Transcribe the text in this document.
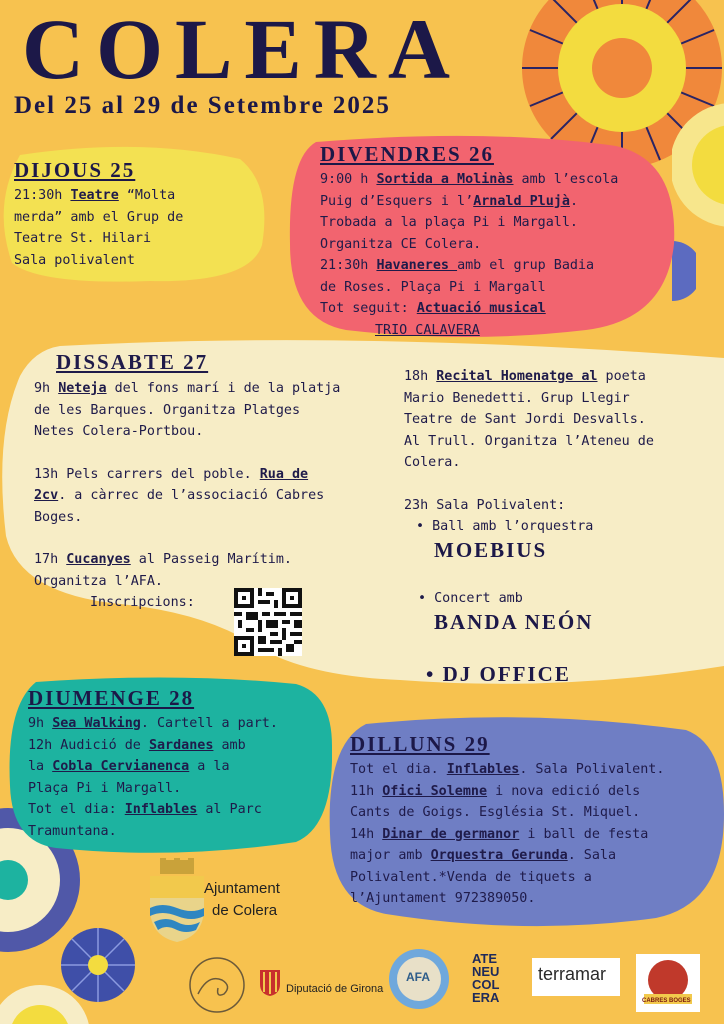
COLERA
Del 25 al 29 de Setembre 2025
DIJOUS 25
21:30h Teatre “Molta
merda” amb el Grup de
Teatre St. Hilari
Sala polivalent
DIVENDRES 26
9:00 h Sortida a Molinàs amb l’escola
Puig d’Esquers i l’Arnald Plujà.
Trobada a la plaça Pi i Margall.
Organitza CE Colera.
21:30h Havaneres amb el grup Badia
de Roses. Plaça Pi i Margall
Tot seguit: Actuació musical
TRIO CALAVERA
DISSABTE 27
9h Neteja del fons marí i de la platja
de les Barques. Organitza Platges
Netes Colera-Portbou.
13h Pels carrers del poble. Rua de
2cv. a càrrec de l’associació Cabres
Boges.
17h Cucanyes al Passeig Marítim.
Organitza l’AFA.
Inscripcions:
18h Recital Homenatge al poeta
Mario Benedetti. Grup Llegir
Teatre de Sant Jordi Desvalls.
Al Trull. Organitza l’Ateneu de
Colera.
23h Sala Polivalent:
• Ball amb l’orquestra
MOEBIUS
• Concert amb
BANDA NEÓN
• DJ OFFICE
DIUMENGE 28
9h Sea Walking. Cartell a part.
12h Audició de Sardanes amb
la Cobla Cervianenca a la
Plaça Pi i Margall.
Tot el dia: Inflables al Parc
Tramuntana.
DILLUNS 29
Tot el dia. Inflables. Sala Polivalent.
11h Ofici Solemne i nova edició dels
Cants de Goigs. Església St. Miquel.
14h Dinar de germanor i ball de festa
major amb Orquestra Gerunda. Sala
Polivalent.*Venda de tiquets a
l’Ajuntament 972389050.
Ajuntament
de Colera
Diputació de Girona
AFA
ATE
NEU
COL
ERA
terramar
CABRES BOGES
